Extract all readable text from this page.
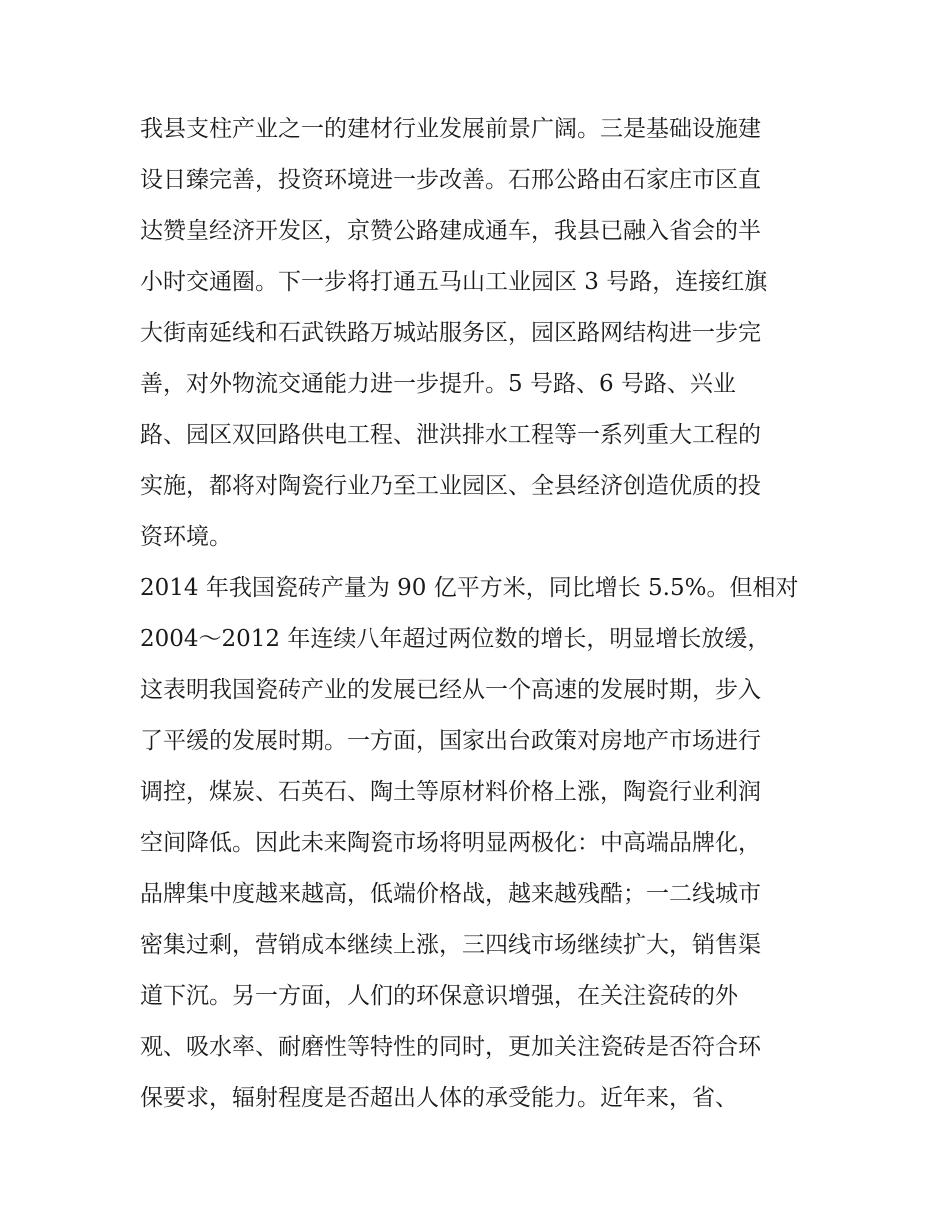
我县支柱产业之一的建材行业发展前景广阔。三是基础设施建
设日臻完善，投资环境进一步改善。石邢公路由石家庄市区直
达赞皇经济开发区，京赞公路建成通车，我县已融入省会的半
小时交通圈。下一步将打通五马山工业园区 3 号路，连接红旗
大街南延线和石武铁路万城站服务区，园区路网结构进一步完
善，对外物流交通能力进一步提升。5 号路、6 号路、兴业
路、园区双回路供电工程、泄洪排水工程等一系列重大工程的
实施，都将对陶瓷行业乃至工业园区、全县经济创造优质的投
资环境。
2014 年我国瓷砖产量为 90 亿平方米，同比增长 5.5%。但相对
2004～2012 年连续八年超过两位数的增长，明显增长放缓，
这表明我国瓷砖产业的发展已经从一个高速的发展时期，步入
了平缓的发展时期。一方面，国家出台政策对房地产市场进行
调控，煤炭、石英石、陶土等原材料价格上涨，陶瓷行业利润
空间降低。因此未来陶瓷市场将明显两极化：中高端品牌化，
品牌集中度越来越高，低端价格战，越来越残酷；一二线城市
密集过剩，营销成本继续上涨，三四线市场继续扩大，销售渠
道下沉。另一方面，人们的环保意识增强，在关注瓷砖的外
观、吸水率、耐磨性等特性的同时，更加关注瓷砖是否符合环
保要求，辐射程度是否超出人体的承受能力。近年来，省、
